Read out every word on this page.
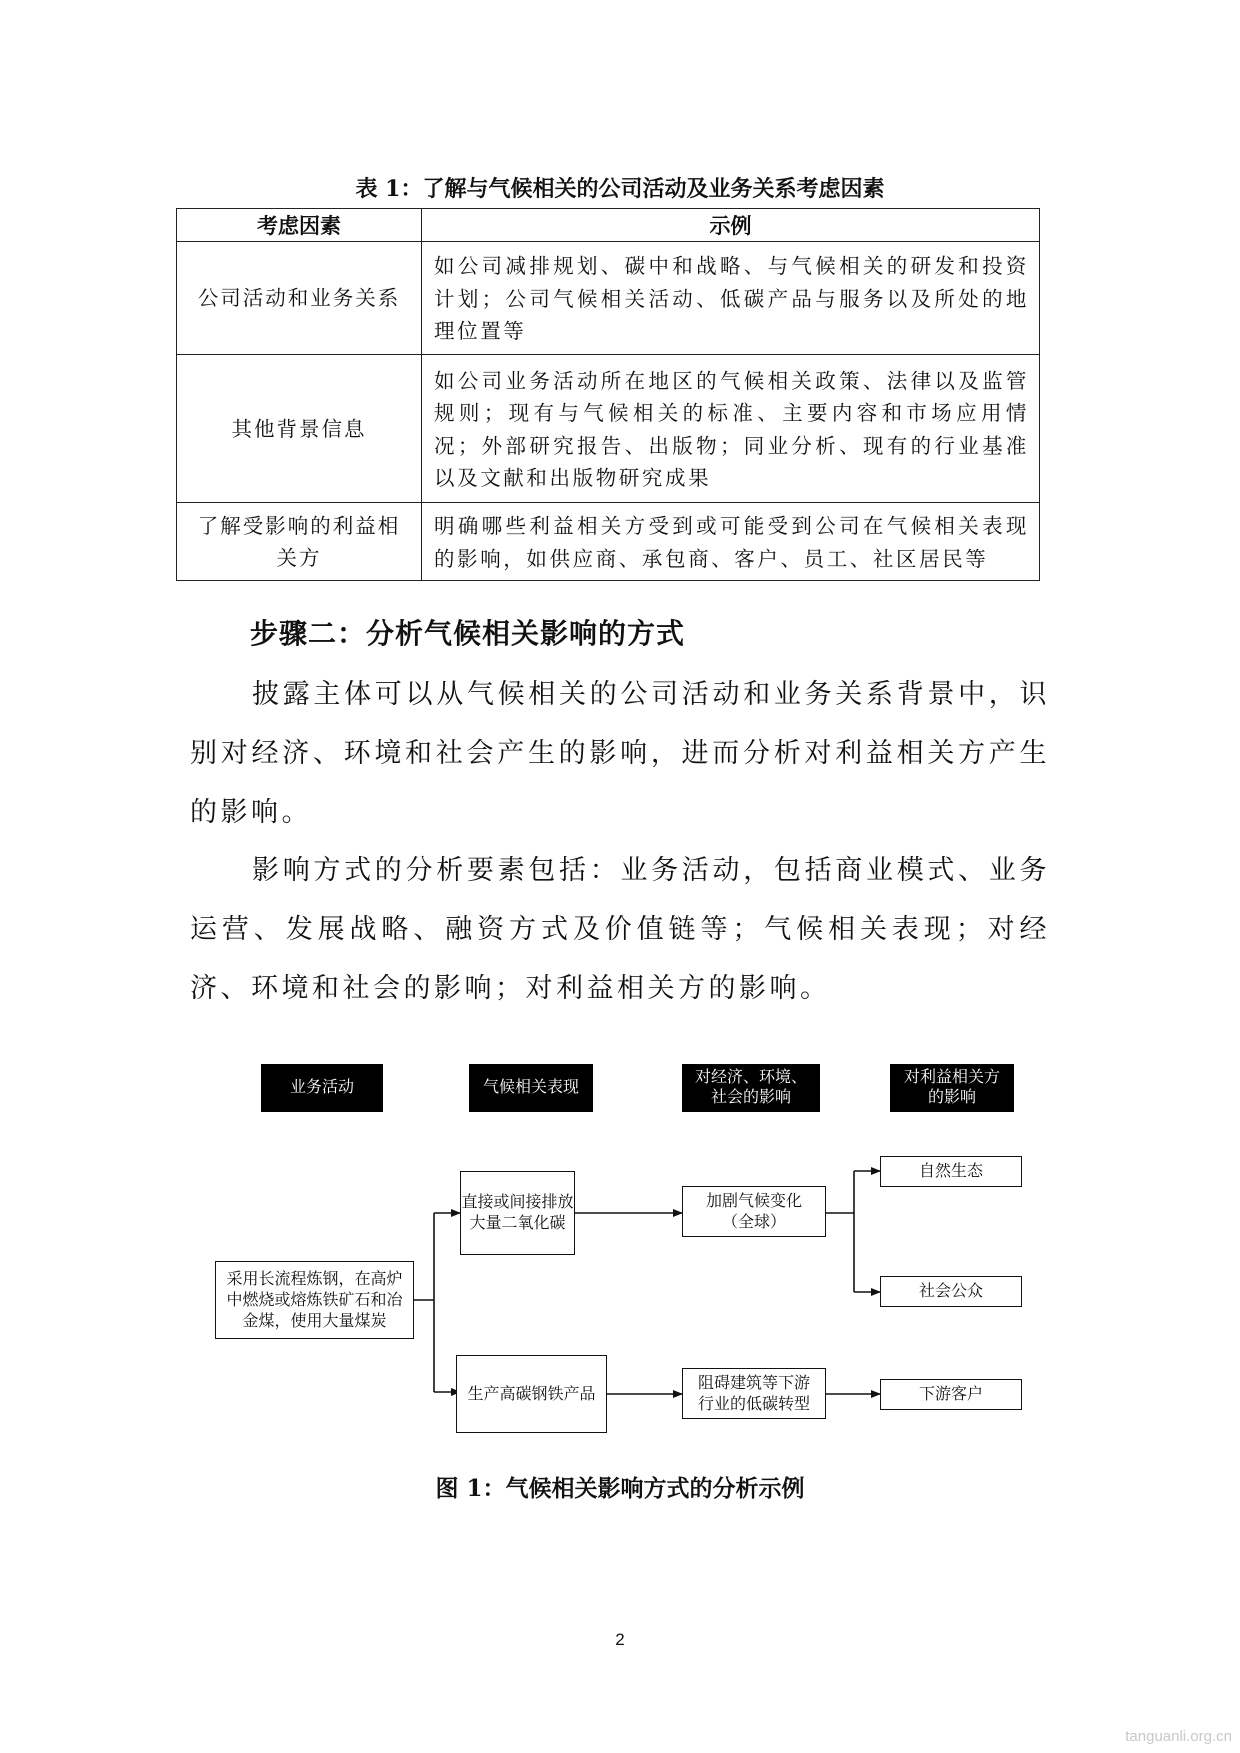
表 1：了解与气候相关的公司活动及业务关系考虑因素
考虑因素	示例
公司活动和业务关系	如公司减排规划、碳中和战略、与气候相关的研发和投资计划；公司气候相关活动、低碳产品与服务以及所处的地理位置等
其他背景信息	如公司业务活动所在地区的气候相关政策、法律以及监管规则；现有与气候相关的标准、主要内容和市场应用情况；外部研究报告、出版物；同业分析、现有的行业基准以及文献和出版物研究成果
了解受影响的利益相关方	明确哪些利益相关方受到或可能受到公司在气候相关表现的影响，如供应商、承包商、客户、员工、社区居民等
步骤二：分析气候相关影响的方式

披露主体可以从气候相关的公司活动和业务关系背景中，识别对经济、环境和社会产生的影响，进而分析对利益相关方产生的影响。

影响方式的分析要素包括：业务活动，包括商业模式、业务运营、发展战略、融资方式及价值链等；气候相关表现；对经济、环境和社会的影响；对利益相关方的影响。

业务活动	气候相关表现
对经济、环境、
社会的影响
对利益相关方
的影响
采用长流程炼钢，在高炉
中燃烧或熔炼铁矿石和冶
金煤，使用大量煤炭
直接或间接排放
大量二氧化碳
生产高碳钢铁产品
加剧气候变化
（全球）
阻碍建筑等下游
行业的低碳转型
自然生态
社会公众
下游客户
图 1：气候相关影响方式的分析示例
2
tanguanli.org.cn
